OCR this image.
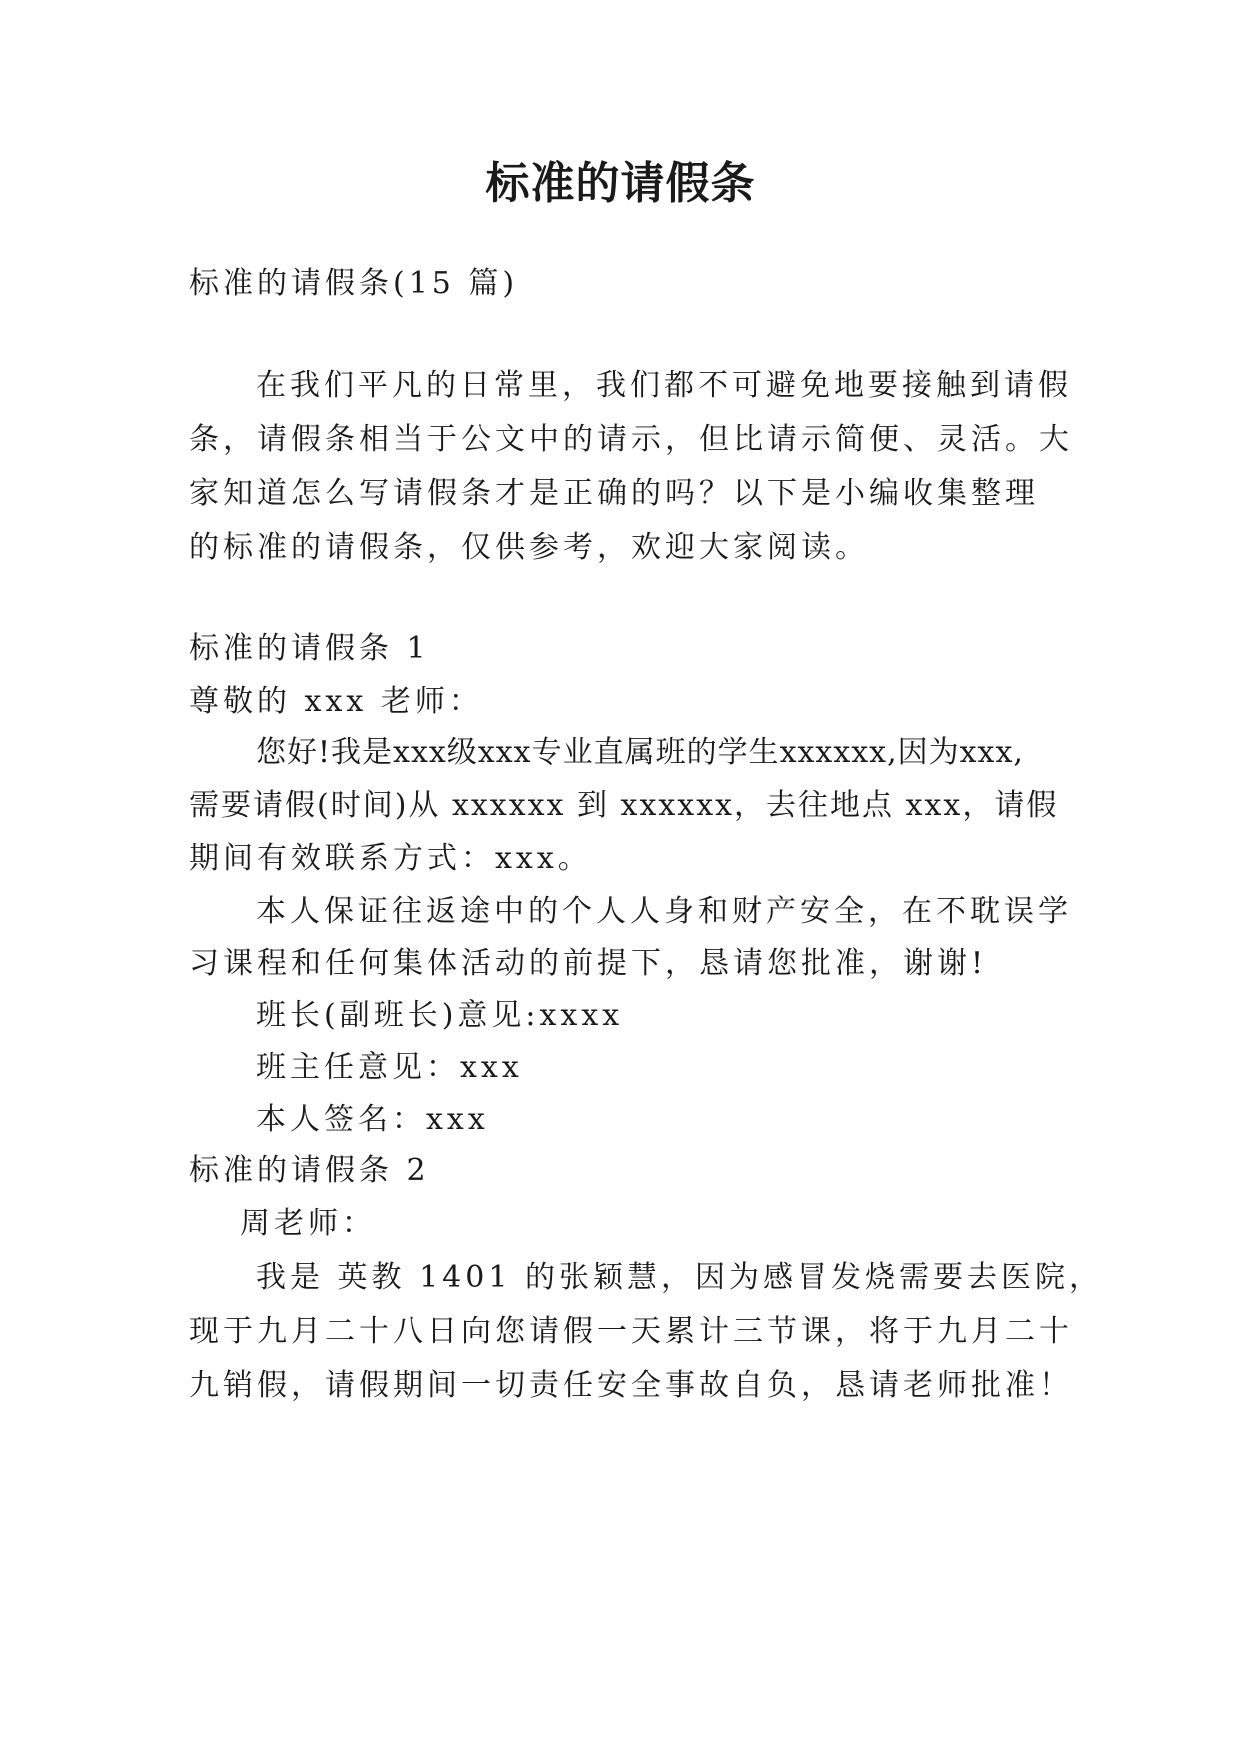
标准的请假条
标准的请假条(15 篇)
在我们平凡的日常里，我们都不可避免地要接触到请假
条，请假条相当于公文中的请示，但比请示简便、灵活。大
家知道怎么写请假条才是正确的吗？以下是小编收集整理
的标准的请假条，仅供参考，欢迎大家阅读。
标准的请假条 1
尊敬的 xxx 老师：
您好!我是xxx级xxx专业直属班的学生xxxxxx,因为xxx,
需要请假(时间)从 xxxxxx 到 xxxxxx，去往地点 xxx，请假
期间有效联系方式：xxx。
本人保证往返途中的个人人身和财产安全，在不耽误学
习课程和任何集体活动的前提下，恳请您批准，谢谢!
班长(副班长)意见:xxxx
班主任意见：xxx
本人签名：xxx
标准的请假条 2
周老师：
我是 英教 1401 的张颖慧，因为感冒发烧需要去医院，
现于九月二十八日向您请假一天累计三节课，将于九月二十
九销假，请假期间一切责任安全事故自负，恳请老师批准！
